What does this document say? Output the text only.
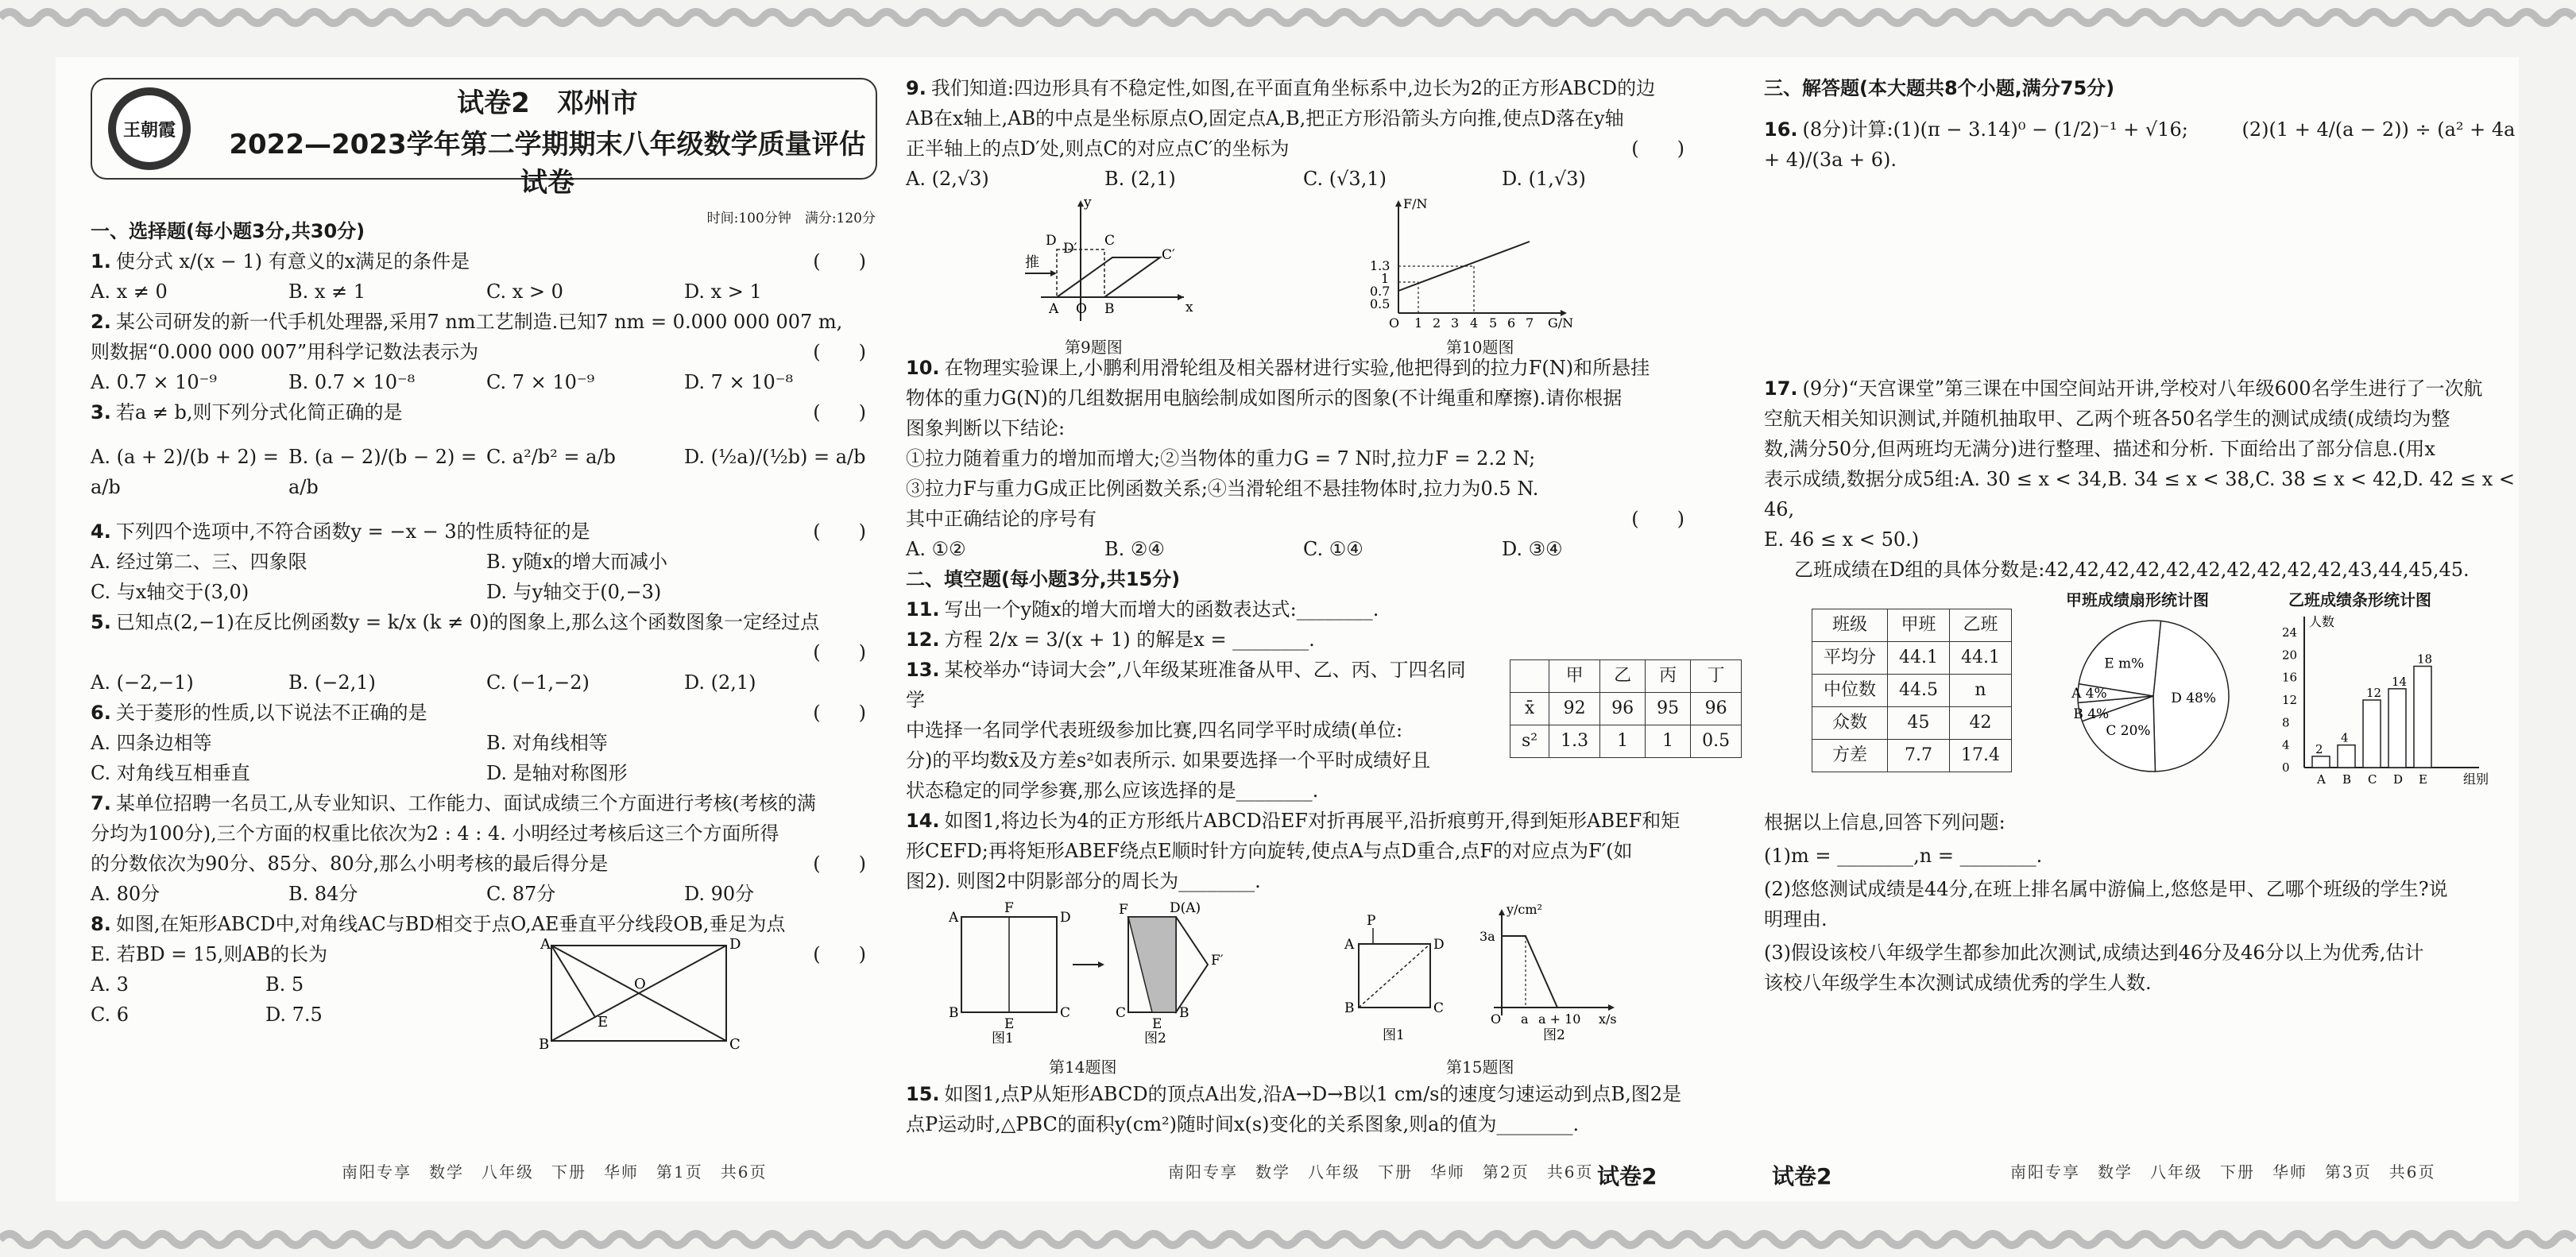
王朝霞
试卷2　邓州市
2022—2023学年第二学期期末八年级数学质量评估试卷
时间:100分钟　满分:120分
一、选择题(每小题3分,共30分)
1. 使分式 x/(x − 1) 有意义的x满足的条件是	(　　)
A. x ≠ 0	B. x ≠ 1	C. x > 0	D. x > 1
2. 某公司研发的新一代手机处理器,采用7 nm工艺制造.已知7 nm = 0.000 000 007 m,
则数据“0.000 000 007”用科学记数法表示为	(　　)
A. 0.7 × 10⁻⁹	B. 0.7 × 10⁻⁸	C. 7 × 10⁻⁹	D. 7 × 10⁻⁸
3. 若a ≠ b,则下列分式化简正确的是	(　　)
A. (a + 2)/(b + 2) = a/b
B. (a − 2)/(b − 2) = a/b
C. a²/b² = a/b	D. (½a)/(½b) = a/b
4. 下列四个选项中,不符合函数y = −x − 3的性质特征的是	(　　)
A. 经过第二、三、四象限	B. y随x的增大而减小
C. 与x轴交于(3,0)	D. 与y轴交于(0,−3)
5. 已知点(2,−1)在反比例函数y = k/x (k ≠ 0)的图象上,那么这个函数图象一定经过点
(　　)
A. (−2,−1)	B. (−2,1)	C. (−1,−2)	D. (2,1)
6. 关于菱形的性质,以下说法不正确的是	(　　)
A. 四条边相等	B. 对角线相等
C. 对角线互相垂直	D. 是轴对称图形
7. 某单位招聘一名员工,从专业知识、工作能力、面试成绩三个方面进行考核(考核的满
分均为100分),三个方面的权重比依次为2 : 4 : 4. 小明经过考核后这三个方面所得
的分数依次为90分、85分、80分,那么小明考核的最后得分是	(　　)
A. 80分	B. 84分	C. 87分	D. 90分
8. 如图,在矩形ABCD中,对角线AC与BD相交于点O,AE垂直平分线段OB,垂足为点
E. 若BD = 15,则AB的长为	(　　)
A. 3	B. 5
C. 6	D. 7.5
A	D
B	C
O
E
南阳专享　数学　八年级　下册　华师　第1页　共6页
9. 我们知道:四边形具有不稳定性,如图,在平面直角坐标系中,边长为2的正方形ABCD的边
AB在x轴上,AB的中点是坐标原点O,固定点A,B,把正方形沿箭头方向推,使点D落在y轴
正半轴上的点D′处,则点C的对应点C′的坐标为	(　　)
A. (2,√3)	B. (2,1)	C. (√3,1)	D. (1,√3)
推
A O B
D D′ C
C′
y
x
第9题图
F/N
G/N
1.3
1
0.7
0.5
O 1 2 3 4 5 6 7
第10题图
10. 在物理实验课上,小鹏利用滑轮组及相关器材进行实验,他把得到的拉力F(N)和所悬挂
物体的重力G(N)的几组数据用电脑绘制成如图所示的图象(不计绳重和摩擦).请你根据
图象判断以下结论:
①拉力随着重力的增加而增大;②当物体的重力G = 7 N时,拉力F = 2.2 N;
③拉力F与重力G成正比例函数关系;④当滑轮组不悬挂物体时,拉力为0.5 N.
其中正确结论的序号有	(　　)
A. ①②	B. ②④	C. ①④	D. ③④
二、填空题(每小题3分,共15分)
11. 写出一个y随x的增大而增大的函数表达式:________.
12. 方程 2/x = 3/(x + 1) 的解是x = ________.
13. 某校举办“诗词大会”,八年级某班准备从甲、乙、丙、丁四名同学
中选择一名同学代表班级参加比赛,四名同学平时成绩(单位:
分)的平均数x̄及方差s²如表所示. 如果要选择一个平时成绩好且
状态稳定的同学参赛,那么应该选择的是________.
	甲	乙	丙	丁
x̄	92	96	95	96
s²	1.3	1	1	0.5
14. 如图1,将边长为4的正方形纸片ABCD沿EF对折再展平,沿折痕剪开,得到矩形ABEF和矩
形CEFD;再将矩形ABEF绕点E顺时针方向旋转,使点A与点D重合,点F的对应点为F′(如
图2). 则图2中阴影部分的周长为________.
A
F
D
B
E
C
F	D(A)
F′
C
E
B
图1	图2
第14题图
A
P
D
B	C
y/cm²
x/s
3a
O a a + 10
图1	图2
第15题图
15. 如图1,点P从矩形ABCD的顶点A出发,沿A→D→B以1 cm/s的速度匀速运动到点B,图2是
点P运动时,△PBC的面积y(cm²)随时间x(s)变化的关系图象,则a的值为________.
南阳专享　数学　八年级　下册　华师　第2页　共6页 试卷2
三、解答题(本大题共8个小题,满分75分)
16. (8分)计算:(1)(π − 3.14)⁰ − (1/2)⁻¹ + √16;	(2)(1 + 4/(a − 2)) ÷ (a² + 4a + 4)/(3a + 6).
17. (9分)“天宫课堂”第三课在中国空间站开讲,学校对八年级600名学生进行了一次航
空航天相关知识测试,并随机抽取甲、乙两个班各50名学生的测试成绩(成绩均为整
数,满分50分,但两班均无满分)进行整理、描述和分析. 下面给出了部分信息.(用x
表示成绩,数据分成5组:A. 30 ≤ x < 34,B. 34 ≤ x < 38,C. 38 ≤ x < 42,D. 42 ≤ x < 46,
E. 46 ≤ x < 50.)
乙班成绩在D组的具体分数是:42,42,42,42,42,42,42,42,42,42,43,44,45,45.
班级	甲班	乙班
平均分	44.1	44.1
中位数	44.5	n
众数	45	42
方差	7.7	17.4
甲班成绩扇形统计图
D 48%
C 20%
B 4%
A 4%
E m%
乙班成绩条形统计图
人数
组别
0
4
8
12
16
20
24
2
A
4
B
12
C
14
D
18
E
根据以上信息,回答下列问题:
(1)m = ________,n = ________.
(2)悠悠测试成绩是44分,在班上排名属中游偏上,悠悠是甲、乙哪个班级的学生?说
明理由.
(3)假设该校八年级学生都参加此次测试,成绩达到46分及46分以上为优秀,估计
该校八年级学生本次测试成绩优秀的学生人数.
试卷2	南阳专享　数学　八年级　下册　华师　第3页　共6页
